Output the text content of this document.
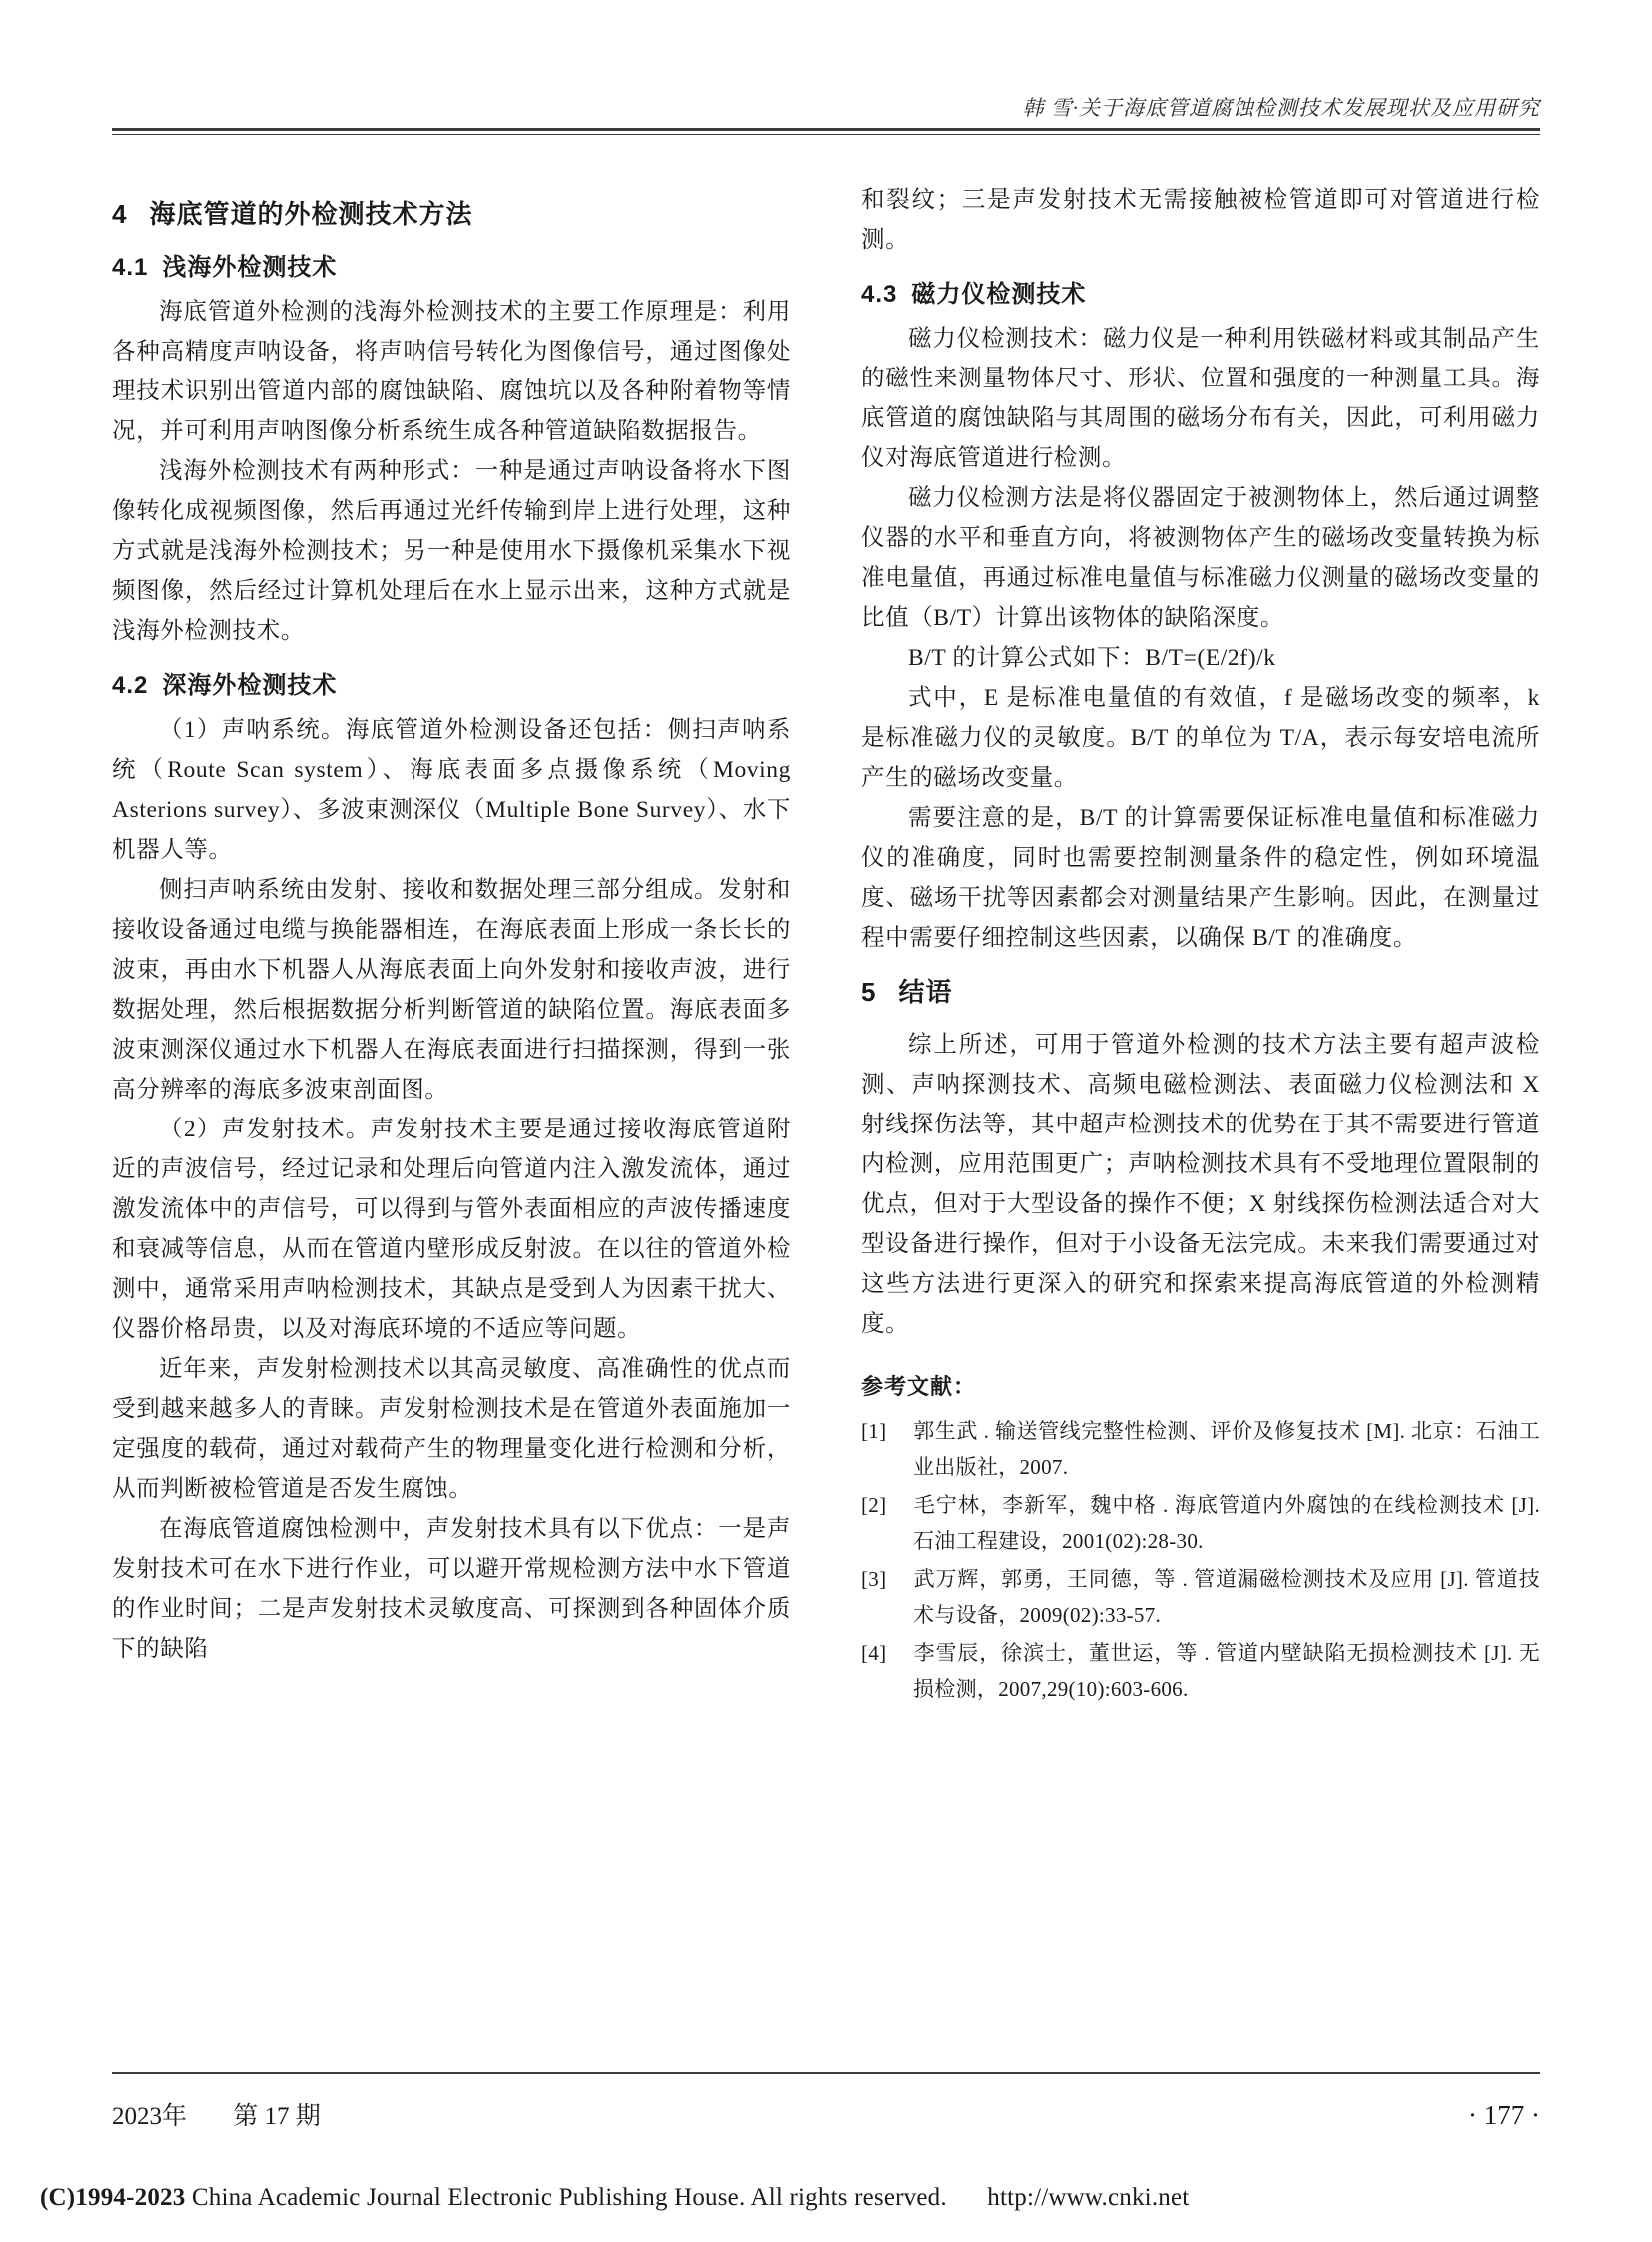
韩 雪·关于海底管道腐蚀检测技术发展现状及应用研究
4 海底管道的外检测技术方法
4.1 浅海外检测技术

海底管道外检测的浅海外检测技术的主要工作原理是：利用各种高精度声呐设备，将声呐信号转化为图像信号，通过图像处理技术识别出管道内部的腐蚀缺陷、腐蚀坑以及各种附着物等情况，并可利用声呐图像分析系统生成各种管道缺陷数据报告。

浅海外检测技术有两种形式：一种是通过声呐设备将水下图像转化成视频图像，然后再通过光纤传输到岸上进行处理，这种方式就是浅海外检测技术；另一种是使用水下摄像机采集水下视频图像，然后经过计算机处理后在水上显示出来，这种方式就是浅海外检测技术。

4.2 深海外检测技术

（1）声呐系统。海底管道外检测设备还包括：侧扫声呐系统（Route Scan system）、海底表面多点摄像系统（Moving Asterions survey）、多波束测深仪（Multiple Bone Survey）、水下机器人等。

侧扫声呐系统由发射、接收和数据处理三部分组成。发射和接收设备通过电缆与换能器相连，在海底表面上形成一条长长的波束，再由水下机器人从海底表面上向外发射和接收声波，进行数据处理，然后根据数据分析判断管道的缺陷位置。海底表面多波束测深仪通过水下机器人在海底表面进行扫描探测，得到一张高分辨率的海底多波束剖面图。

（2）声发射技术。声发射技术主要是通过接收海底管道附近的声波信号，经过记录和处理后向管道内注入激发流体，通过激发流体中的声信号，可以得到与管外表面相应的声波传播速度和衰减等信息，从而在管道内壁形成反射波。在以往的管道外检测中，通常采用声呐检测技术，其缺点是受到人为因素干扰大、仪器价格昂贵，以及对海底环境的不适应等问题。

近年来，声发射检测技术以其高灵敏度、高准确性的优点而受到越来越多人的青睐。声发射检测技术是在管道外表面施加一定强度的载荷，通过对载荷产生的物理量变化进行检测和分析，从而判断被检管道是否发生腐蚀。

在海底管道腐蚀检测中，声发射技术具有以下优点：一是声发射技术可在水下进行作业，可以避开常规检测方法中水下管道的作业时间；二是声发射技术灵敏度高、可探测到各种固体介质下的缺陷

和裂纹；三是声发射技术无需接触被检管道即可对管道进行检测。

4.3 磁力仪检测技术

磁力仪检测技术：磁力仪是一种利用铁磁材料或其制品产生的磁性来测量物体尺寸、形状、位置和强度的一种测量工具。海底管道的腐蚀缺陷与其周围的磁场分布有关，因此，可利用磁力仪对海底管道进行检测。

磁力仪检测方法是将仪器固定于被测物体上，然后通过调整仪器的水平和垂直方向，将被测物体产生的磁场改变量转换为标准电量值，再通过标准电量值与标准磁力仪测量的磁场改变量的比值（B/T）计算出该物体的缺陷深度。

B/T 的计算公式如下：B/T=(E/2f)/k

式中，E 是标准电量值的有效值，f 是磁场改变的频率，k 是标准磁力仪的灵敏度。B/T 的单位为 T/A，表示每安培电流所产生的磁场改变量。

需要注意的是，B/T 的计算需要保证标准电量值和标准磁力仪的准确度，同时也需要控制测量条件的稳定性，例如环境温度、磁场干扰等因素都会对测量结果产生影响。因此，在测量过程中需要仔细控制这些因素，以确保 B/T 的准确度。

5 结语

综上所述，可用于管道外检测的技术方法主要有超声波检测、声呐探测技术、高频电磁检测法、表面磁力仪检测法和 X 射线探伤法等，其中超声检测技术的优势在于其不需要进行管道内检测，应用范围更广；声呐检测技术具有不受地理位置限制的优点，但对于大型设备的操作不便；X 射线探伤检测法适合对大型设备进行操作，但对于小设备无法完成。未来我们需要通过对这些方法进行更深入的研究和探索来提高海底管道的外检测精度。

参考文献：

[1] 郭生武 . 输送管线完整性检测、评价及修复技术 [M]. 北京：石油工业出版社，2007.

[2] 毛宁林，李新军，魏中格 . 海底管道内外腐蚀的在线检测技术 [J]. 石油工程建设，2001(02):28-30.

[3] 武万辉，郭勇，王同德，等 . 管道漏磁检测技术及应用 [J]. 管道技术与设备，2009(02):33-57.

[4] 李雪辰，徐滨士，董世运，等 . 管道内壁缺陷无损检测技术 [J]. 无损检测，2007,29(10):603-606.

2023年 第 17 期	· 177 ·
(C)1994-2023 China Academic Journal Electronic Publishing House. All rights reserved. http://www.cnki.net
